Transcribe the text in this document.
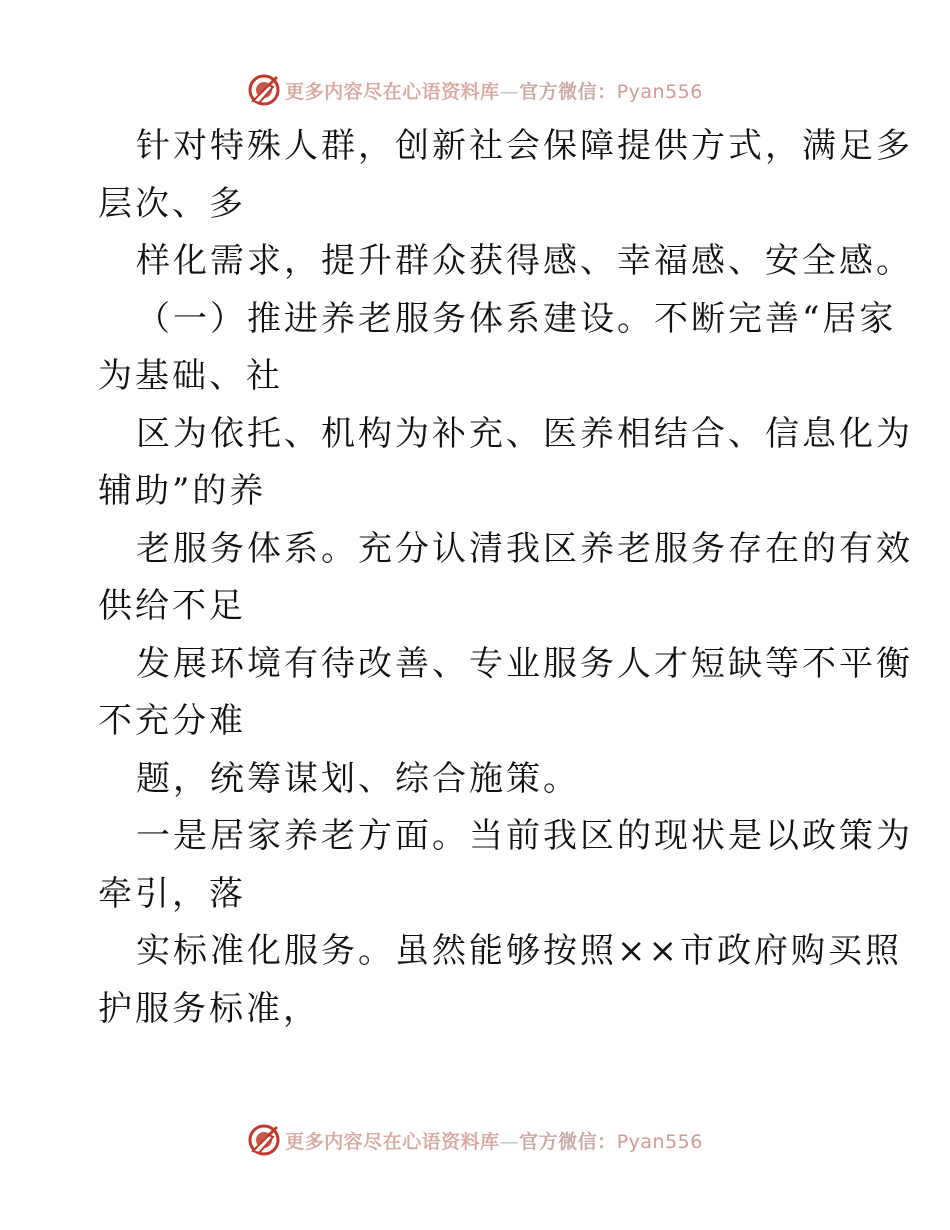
更多内容尽在心语资料库—官方微信：Pyan556
针对特殊人群，创新社会保障提供方式，满足多
层次、多
样化需求，提升群众获得感、幸福感、安全感。
（一）推进养老服务体系建设。不断完善“居家
为基础、社
区为依托、机构为补充、医养相结合、信息化为
辅助”的养
老服务体系。充分认清我区养老服务存在的有效
供给不足
发展环境有待改善、专业服务人才短缺等不平衡
不充分难
题，统筹谋划、综合施策。
一是居家养老方面。当前我区的现状是以政策为
牵引，落
实标准化服务。虽然能够按照××市政府购买照
护服务标准，
更多内容尽在心语资料库—官方微信：Pyan556
